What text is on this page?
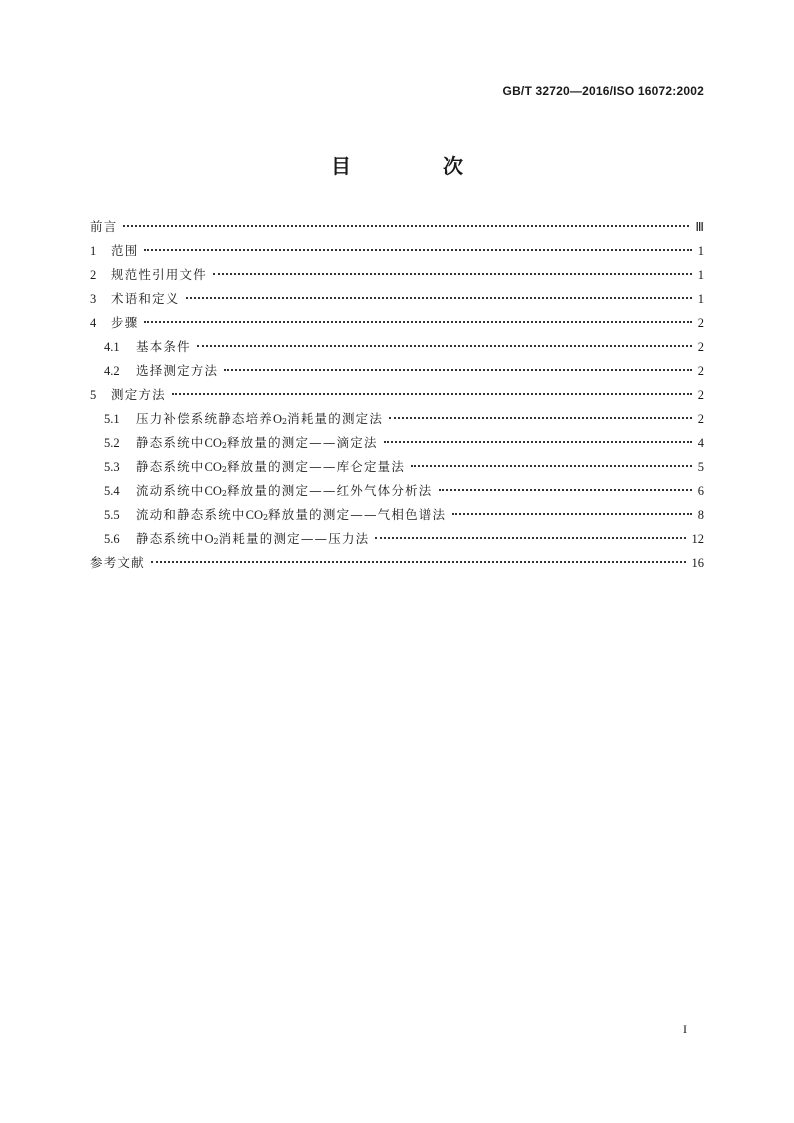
GB/T 32720—2016/ISO 16072:2002
目　次
前言	Ⅲ
1	范围	1
2	规范性引用文件	1
3	术语和定义	1
4	步骤	2
4.1	基本条件	2
4.2	选择测定方法	2
5	测定方法	2
5.1	压力补偿系统静态培养$O_2$消耗量的测定法	2
5.2	静态系统中$CO_2$释放量的测定——滴定法	4
5.3	静态系统中$CO_2$释放量的测定——库仑定量法	5
5.4	流动系统中$CO_2$释放量的测定——红外气体分析法	6
5.5	流动和静态系统中$CO_2$释放量的测定——气相色谱法	8
5.6	静态系统中$O_2$消耗量的测定——压力法	12
参考文献	16
I
